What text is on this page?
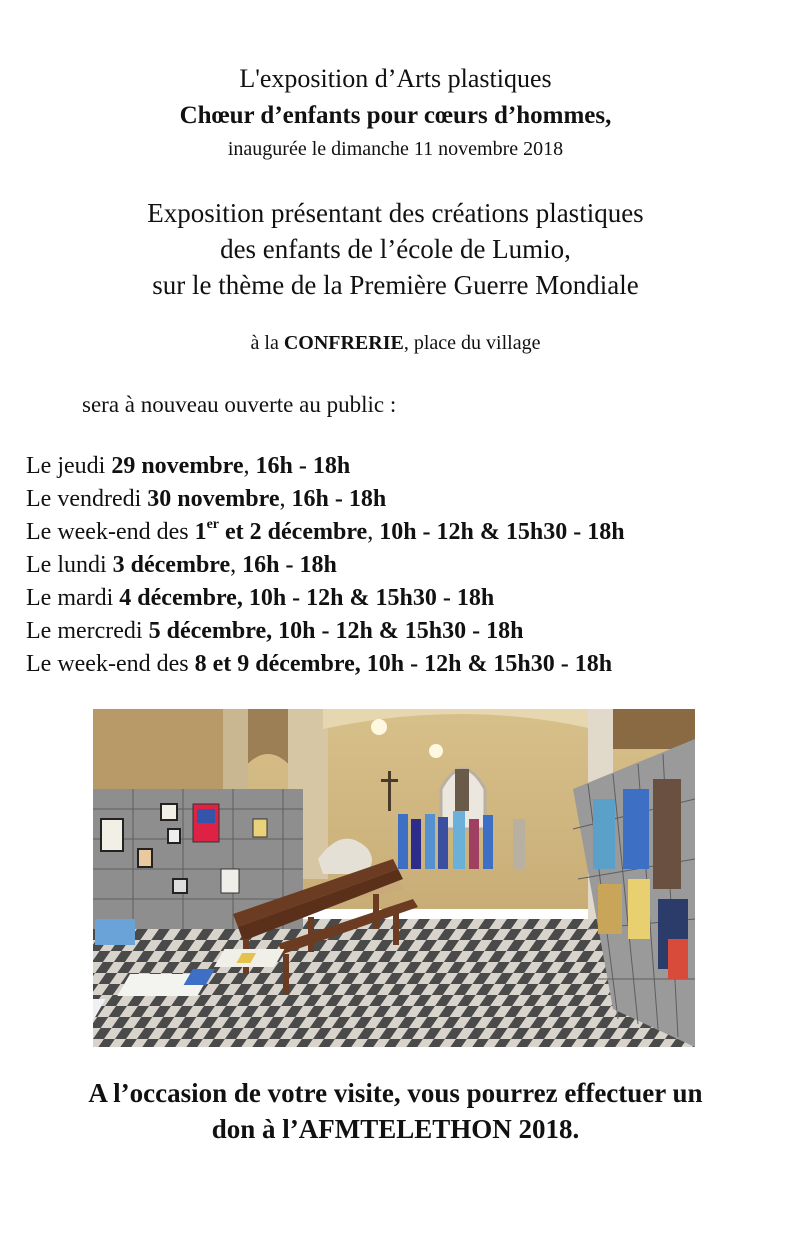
L'exposition d’Arts plastiques
Chœur d’enfants pour cœurs d’hommes,
inaugurée le dimanche 11 novembre 2018
Exposition présentant des créations plastiques
des enfants de l’école de Lumio,
sur le thème de la Première Guerre Mondiale
à la CONFRERIE, place du village
sera à nouveau ouverte au public :
Le jeudi 29 novembre, 16h - 18h
Le vendredi 30 novembre, 16h - 18h
Le week-end des 1er et 2 décembre, 10h - 12h & 15h30 - 18h
Le lundi 3 décembre, 16h - 18h
Le mardi 4 décembre, 10h - 12h & 15h30 - 18h
Le mercredi 5 décembre, 10h - 12h & 15h30 - 18h
Le week-end des 8 et 9 décembre, 10h - 12h & 15h30 - 18h
A l’occasion de votre visite, vous pourrez effectuer un
don à l’AFMTELETHON 2018.
